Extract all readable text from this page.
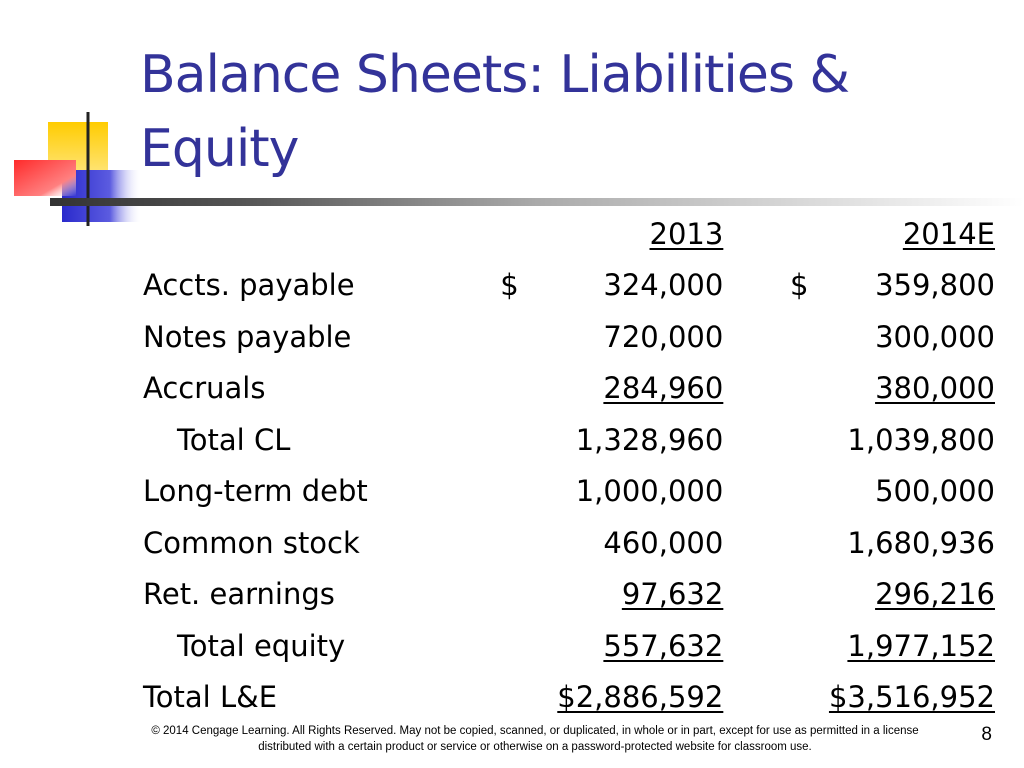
Balance Sheets: Liabilities & Equity
		2013			2014E
Accts. payable	$	324,000		$	359,800
Notes payable		720,000			300,000
Accruals		284,960			380,000
Total CL		1,328,960			1,039,800
Long-term debt		1,000,000			500,000
Common stock		460,000			1,680,936
Ret. earnings		97,632			296,216
Total equity		557,632			1,977,152
Total L&E		$2,886,592			$3,516,952
© 2014 Cengage Learning. All Rights Reserved. May not be copied, scanned, or duplicated, in whole or in part, except for use as permitted in a license distributed with a certain product or service or otherwise on a password-protected website for classroom use.
8
